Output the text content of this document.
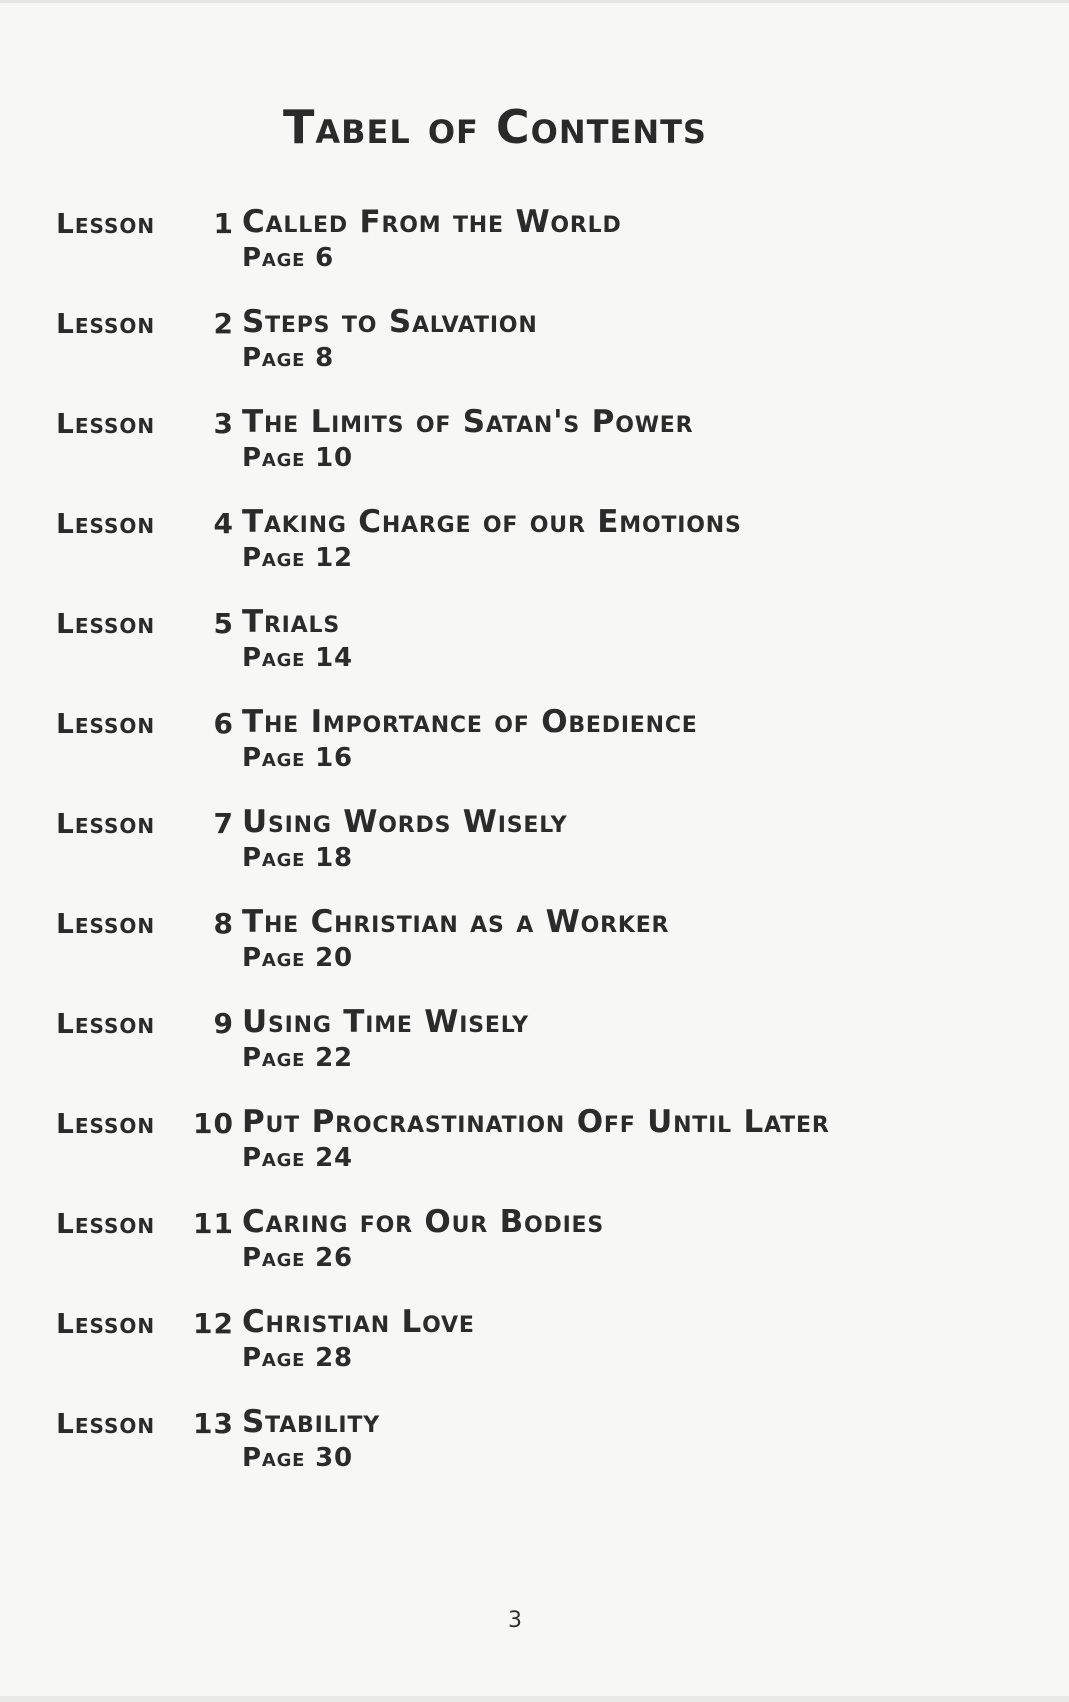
Tabel of Contents
Lesson 1 Called From the World
Page 6
Lesson 2 Steps to Salvation
Page 8
Lesson 3 The Limits of Satan's Power
Page 10
Lesson 4 Taking Charge of our Emotions
Page 12
Lesson 5 Trials
Page 14
Lesson 6 The Importance of Obedience
Page 16
Lesson 7 Using Words Wisely
Page 18
Lesson 8 The Christian as a Worker
Page 20
Lesson 9 Using Time Wisely
Page 22
Lesson 10 Put Procrastination Off Until Later
Page 24
Lesson 11 Caring for Our Bodies
Page 26
Lesson 12 Christian Love
Page 28
Lesson 13 Stability
Page 30
3
